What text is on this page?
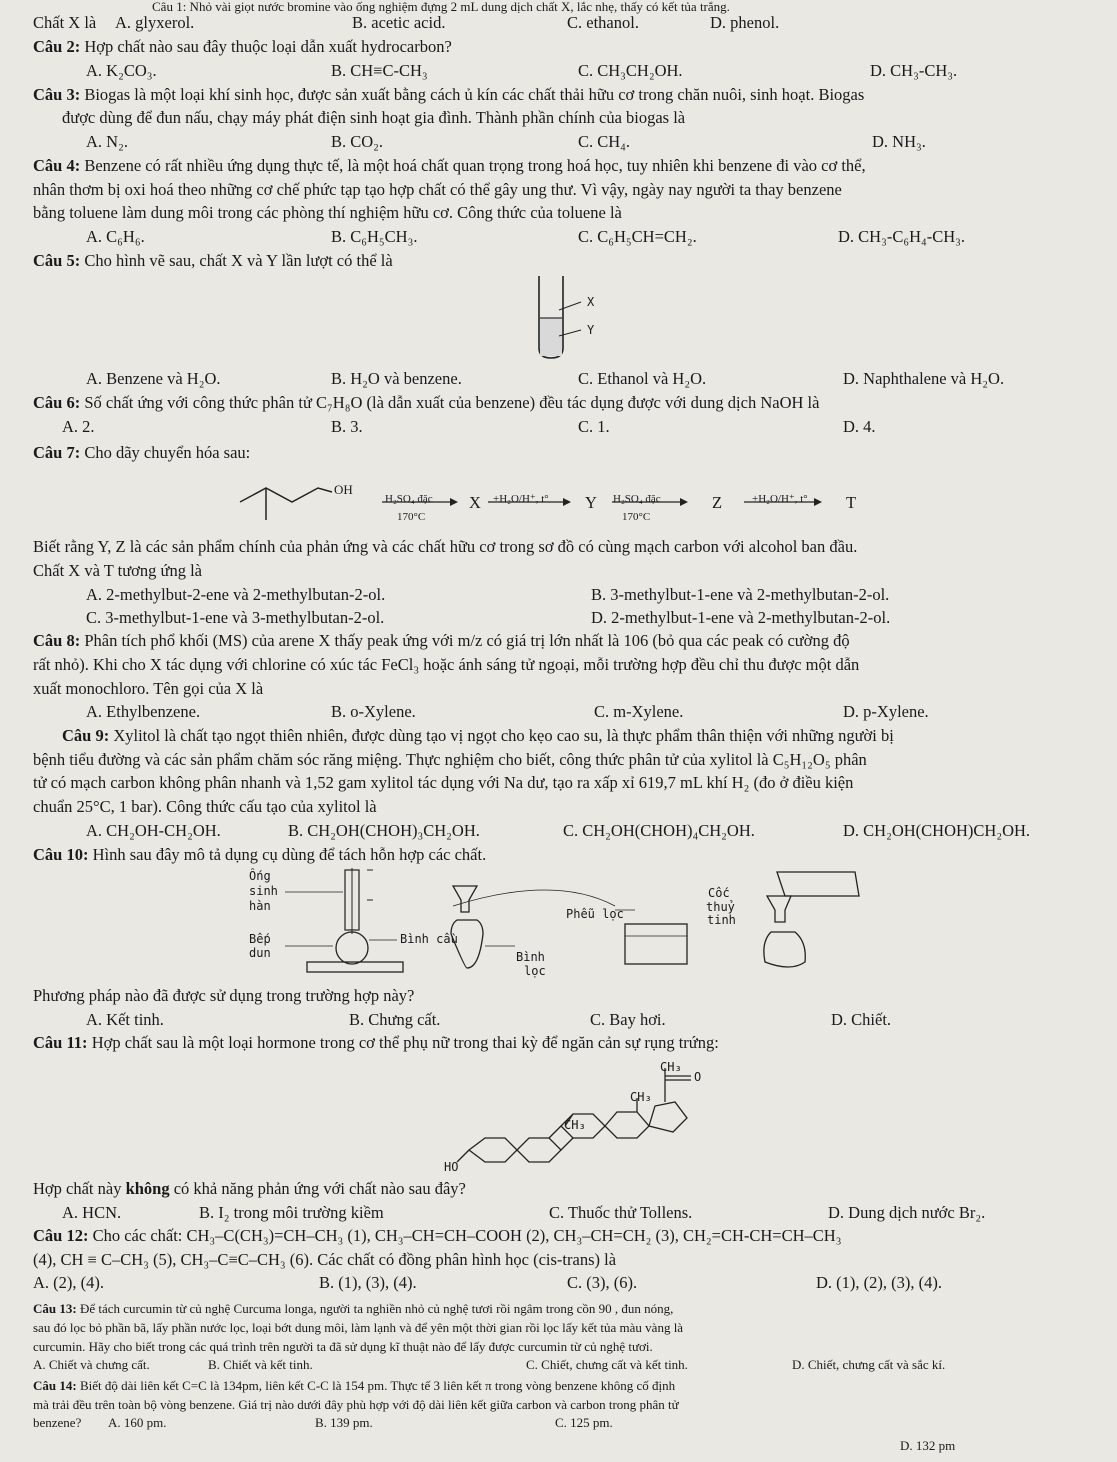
Câu 1: Nhỏ vài giọt nước bromine vào ống nghiệm đựng 2 mL dung dịch chất X, lắc nhẹ, thấy có kết tủa trắng.
Chất X là A. glyxerol.	B. acetic acid.	C. ethanol.	D. phenol.
Câu 2: Hợp chất nào sau đây thuộc loại dẫn xuất hydrocarbon?
A. K₂CO₃.	B. CH≡C-CH₃	C. CH₃CH₂OH.	D. CH₃-CH₃.
Câu 3: Biogas là một loại khí sinh học, được sản xuất bằng cách ủ kín các chất thải hữu cơ trong chăn nuôi, sinh hoạt. Biogas
được dùng để đun nấu, chạy máy phát điện sinh hoạt gia đình. Thành phần chính của biogas là
A. N₂.	B. CO₂.	C. CH₄.	D. NH₃.
Câu 4: Benzene có rất nhiều ứng dụng thực tế, là một hoá chất quan trọng trong hoá học, tuy nhiên khi benzene đi vào cơ thể,
nhân thơm bị oxi hoá theo những cơ chế phức tạp tạo hợp chất có thể gây ung thư. Vì vậy, ngày nay người ta thay benzene
bằng toluene làm dung môi trong các phòng thí nghiệm hữu cơ. Công thức của toluene là
A. C₆H₆.	B. C₆H₅CH₃.	C. C₆H₅CH=CH₂.	D. CH₃-C₆H₄-CH₃.
Câu 5: Cho hình vẽ sau, chất X và Y lần lượt có thể là
X
Y
A. Benzene và H₂O.	B. H₂O và benzene.	C. Ethanol và H₂O.	D. Naphthalene và H₂O.
Câu 6: Số chất ứng với công thức phân tử C₇H₈O (là dẫn xuất của benzene) đều tác dụng được với dung dịch NaOH là
A. 2.	B. 3.	C. 1.	D. 4.
Câu 7: Cho dãy chuyển hóa sau:
OH
H₂SO₄ đặc
170°C
X +H₂O/H⁺, t° Y H₂SO₄ đặc
170°C
Z	+H₂O/H⁺, t° T
Biết rằng Y, Z là các sản phẩm chính của phản ứng và các chất hữu cơ trong sơ đồ có cùng mạch carbon với alcohol ban đầu.
Chất X và T tương ứng là
A. 2-methylbut-2-ene và 2-methylbutan-2-ol.	B. 3-methylbut-1-ene và 2-methylbutan-2-ol.
C. 3-methylbut-1-ene và 3-methylbutan-2-ol.	D. 2-methylbut-1-ene và 2-methylbutan-2-ol.
Câu 8: Phân tích phổ khối (MS) của arene X thấy peak ứng với m/z có giá trị lớn nhất là 106 (bỏ qua các peak có cường độ
rất nhỏ). Khi cho X tác dụng với chlorine có xúc tác FeCl₃ hoặc ánh sáng tử ngoại, mỗi trường hợp đều chỉ thu được một dẫn
xuất monochloro. Tên gọi của X là
A. Ethylbenzene.	B. o-Xylene.	C. m-Xylene.	D. p-Xylene.
Câu 9: Xylitol là chất tạo ngọt thiên nhiên, được dùng tạo vị ngọt cho kẹo cao su, là thực phẩm thân thiện với những người bị
bệnh tiểu đường và các sản phẩm chăm sóc răng miệng. Thực nghiệm cho biết, công thức phân tử của xylitol là C₅H₁₂O₅ phân
tử có mạch carbon không phân nhanh và 1,52 gam xylitol tác dụng với Na dư, tạo ra xấp xỉ 619,7 mL khí H₂ (đo ở điều kiện
chuẩn 25°C, 1 bar). Công thức cấu tạo của xylitol là
A. CH₂OH-CH₂OH.	B. CH₂OH(CHOH)₃CH₂OH.	C. CH₂OH(CHOH)₄CH₂OH.	D. CH₂OH(CHOH)CH₂OH.
Câu 10: Hình sau đây mô tả dụng cụ dùng để tách hỗn hợp các chất.
Ống
sinh
hàn
Bếp
dun
Bình cầu
Phễu lọc
Bình
lọc
Cốc
thuỷ
tinh
Phương pháp nào đã được sử dụng trong trường hợp này?
A. Kết tinh.	B. Chưng cất.	C. Bay hơi.	D. Chiết.
Câu 11: Hợp chất sau là một loại hormone trong cơ thể phụ nữ trong thai kỳ để ngăn cản sự rụng trứng:
CH₃
O
CH₃
CH₃
HO
Hợp chất này không có khả năng phản ứng với chất nào sau đây?
A. HCN.	B. I₂ trong môi trường kiềm	C. Thuốc thử Tollens.	D. Dung dịch nước Br₂.
Câu 12: Cho các chất: CH₃–C(CH₃)=CH–CH₃ (1), CH₃–CH=CH–COOH (2), CH₃–CH=CH₂ (3), CH₂=CH-CH=CH–CH₃
(4), CH ≡ C–CH₃ (5), CH₃–C≡C–CH₃ (6). Các chất có đồng phân hình học (cis-trans) là
A. (2), (4).	B. (1), (3), (4).	C. (3), (6).	D. (1), (2), (3), (4).
Câu 13: Để tách curcumin từ củ nghệ Curcuma longa, người ta nghiền nhỏ củ nghệ tươi rồi ngâm trong cồn 90 , đun nóng,
sau đó lọc bỏ phần bã, lấy phần nước lọc, loại bớt dung môi, làm lạnh và để yên một thời gian rồi lọc lấy kết tủa màu vàng là
curcumin. Hãy cho biết trong các quá trình trên người ta đã sử dụng kĩ thuật nào để lấy được curcumin từ củ nghệ tươi.
A. Chiết và chưng cất.	B. Chiết và kết tinh.	C. Chiết, chưng cất và kết tinh.	D. Chiết, chưng cất và sắc kí.
Câu 14: Biết độ dài liên kết C=C là 134pm, liên kết C-C là 154 pm. Thực tế 3 liên kết π trong vòng benzene không cố định
mà trải đều trên toàn bộ vòng benzene. Giá trị nào dưới đây phù hợp với độ dài liên kết giữa carbon và carbon trong phân tử
benzene? A. 160 pm.	B. 139 pm.	C. 125 pm.
D. 132 pm
